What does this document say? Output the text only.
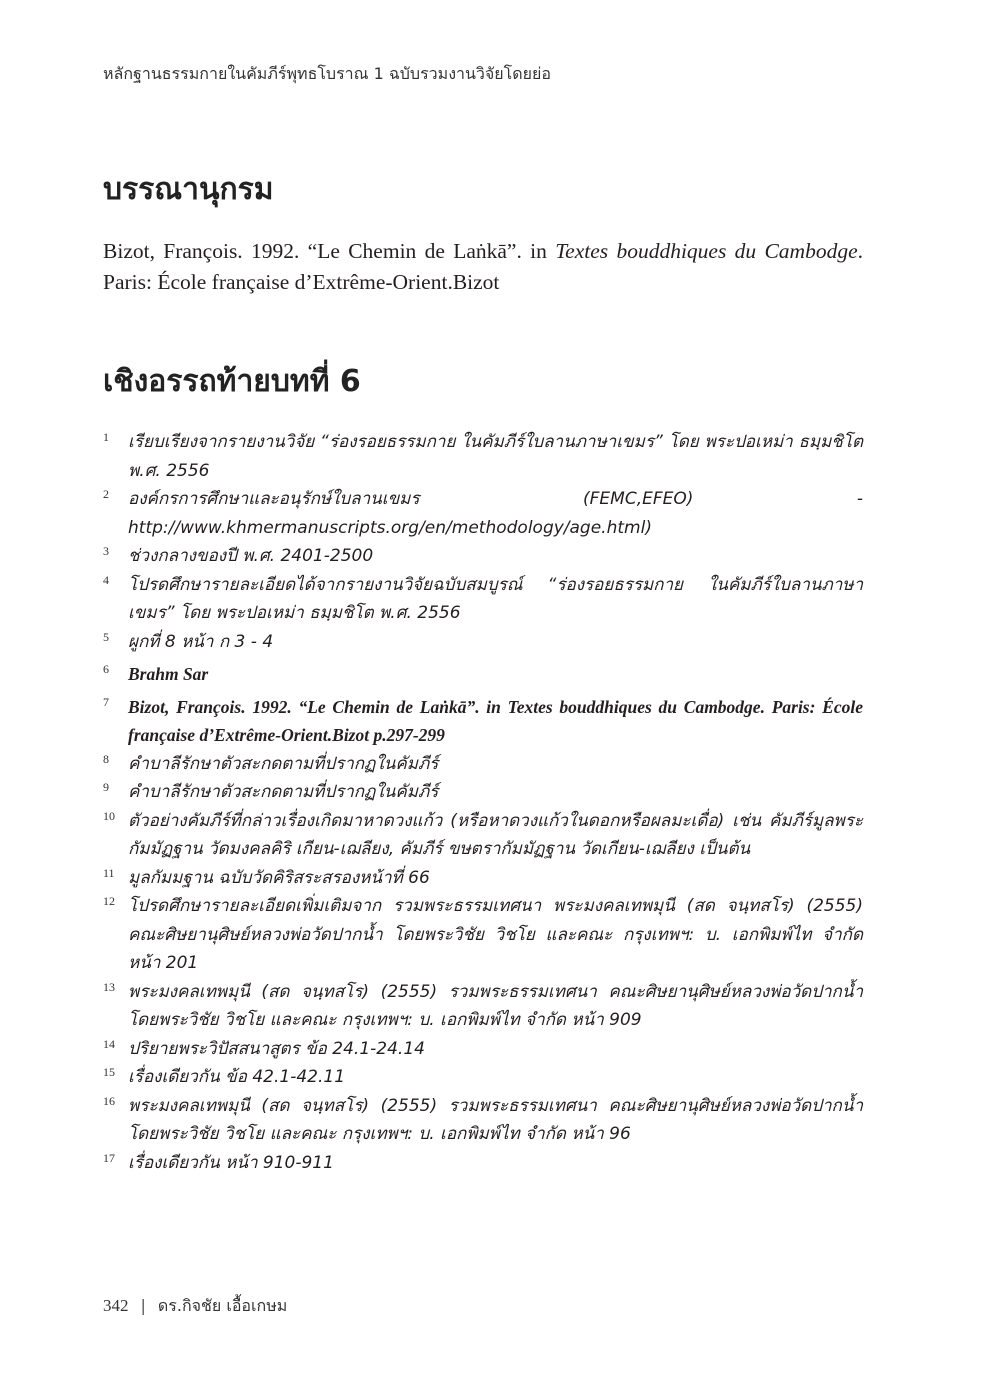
หลักฐานธรรมกายในคัมภีร์พุทธโบราณ 1 ฉบับรวมงานวิจัยโดยย่อ
บรรณานุกรม
Bizot, François. 1992. “Le Chemin de Laṅkā”. in Textes bouddhiques du Cambodge. Paris: École française d’Extrême-Orient.Bizot
เชิงอรรถท้ายบทที่ 6
1 เรียบเรียงจากรายงานวิจัย “ร่องรอยธรรมกาย ในคัมภีร์ใบลานภาษาเขมร” โดย พระปอเหม่า ธมฺมชิโต พ.ศ. 2556
2 องค์กรการศึกษาและอนุรักษ์ใบลานเขมร (FEMC,EFEO) - http://www.khmermanuscripts.org/en/methodology/age.html)
3 ช่วงกลางของปี พ.ศ. 2401-2500
4 โปรดศึกษารายละเอียดได้จากรายงานวิจัยฉบับสมบูรณ์ “ร่องรอยธรรมกาย ในคัมภีร์ใบลานภาษาเขมร” โดย พระปอเหม่า ธมฺมชิโต พ.ศ. 2556
5 ผูกที่ 8 หน้า ก 3 - 4
6 Brahm Sar
7 Bizot, François. 1992. “Le Chemin de Laṅkā”. in Textes bouddhiques du Cambodge. Paris: École française d’Extrême-Orient.Bizot p.297-299
8 คำบาลีรักษาตัวสะกดตามที่ปรากฏในคัมภีร์
9 คำบาลีรักษาตัวสะกดตามที่ปรากฏในคัมภีร์
10 ตัวอย่างคัมภีร์ที่กล่าวเรื่องเกิดมาหาดวงแก้ว (หรือหาดวงแก้วในดอกหรือผลมะเดื่อ) เช่น คัมภีร์มูลพระกัมมัฏฐาน วัดมงคลคิริ เกียน-เฌลียง, คัมภีร์ ขษตรากัมมัฏฐาน วัดเกียน-เฌลียง เป็นต้น
11 มูลกัมมฐาน ฉบับวัดคิริสระสรองหน้าที่ 66
12 โปรดศึกษารายละเอียดเพิ่มเติมจาก รวมพระธรรมเทศนา พระมงคลเทพมุนี (สด จนฺทสโร) (2555) คณะศิษยานุศิษย์หลวงพ่อวัดปากน้ำ โดยพระวิชัย วิชโย และคณะ กรุงเทพฯ: บ. เอกพิมพ์ไท จำกัด หน้า 201
13 พระมงคลเทพมุนี (สด จนฺทสโร) (2555) รวมพระธรรมเทศนา คณะศิษยานุศิษย์หลวงพ่อวัดปากน้ำ โดยพระวิชัย วิชโย และคณะ กรุงเทพฯ: บ. เอกพิมพ์ไท จำกัด หน้า 909
14 ปริยายพระวิปัสสนาสูตร ข้อ 24.1-24.14
15 เรื่องเดียวกัน ข้อ 42.1-42.11
16 พระมงคลเทพมุนี (สด จนฺทสโร) (2555) รวมพระธรรมเทศนา คณะศิษยานุศิษย์หลวงพ่อวัดปากน้ำ โดยพระวิชัย วิชโย และคณะ กรุงเทพฯ: บ. เอกพิมพ์ไท จำกัด หน้า 96
17 เรื่องเดียวกัน หน้า 910-911
342 | ดร.กิจชัย เอื้อเกษม
